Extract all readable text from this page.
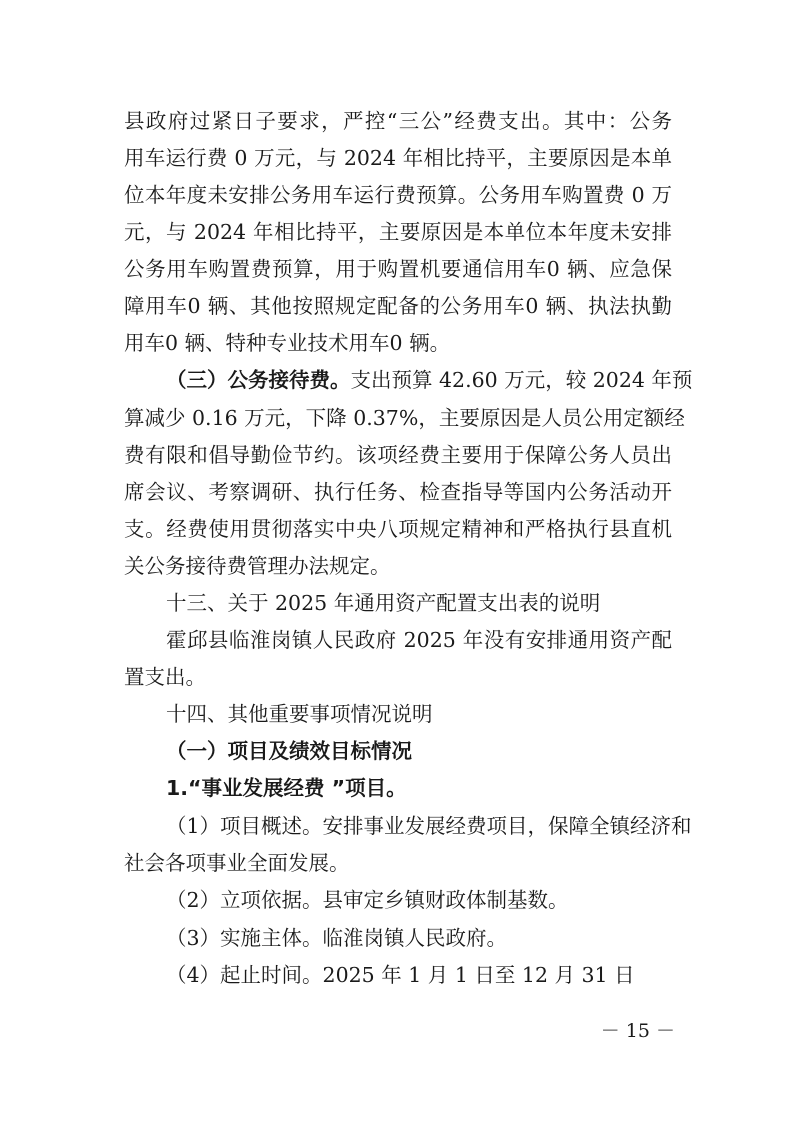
县政府过紧日子要求，严控“三公”经费支出。其中：公务
用车运行费 0 万元，与 2024 年相比持平，主要原因是本单
位本年度未安排公务用车运行费预算。公务用车购置费 0 万
元，与 2024 年相比持平，主要原因是本单位本年度未安排
公务用车购置费预算，用于购置机要通信用车0 辆、应急保
障用车0 辆、其他按照规定配备的公务用车0 辆、执法执勤
用车0 辆、特种专业技术用车0 辆。
（三）公务接待费。支出预算 42.60 万元，较 2024 年预
算减少 0.16 万元，下降 0.37%，主要原因是人员公用定额经
费有限和倡导勤俭节约。该项经费主要用于保障公务人员出
席会议、考察调研、执行任务、检查指导等国内公务活动开
支。经费使用贯彻落实中央八项规定精神和严格执行县直机
关公务接待费管理办法规定。
十三、关于 2025 年通用资产配置支出表的说明
霍邱县临淮岗镇人民政府 2025 年没有安排通用资产配
置支出。
十四、其他重要事项情况说明
（一）项目及绩效目标情况
1.“事业发展经费 ”项目。
（1）项目概述。安排事业发展经费项目，保障全镇经济和
社会各项事业全面发展。
（2）立项依据。县审定乡镇财政体制基数。
（3）实施主体。临淮岗镇人民政府。
－ 15 －
（4）起止时间。2025 年 1 月 1 日至 12 月 31 日
